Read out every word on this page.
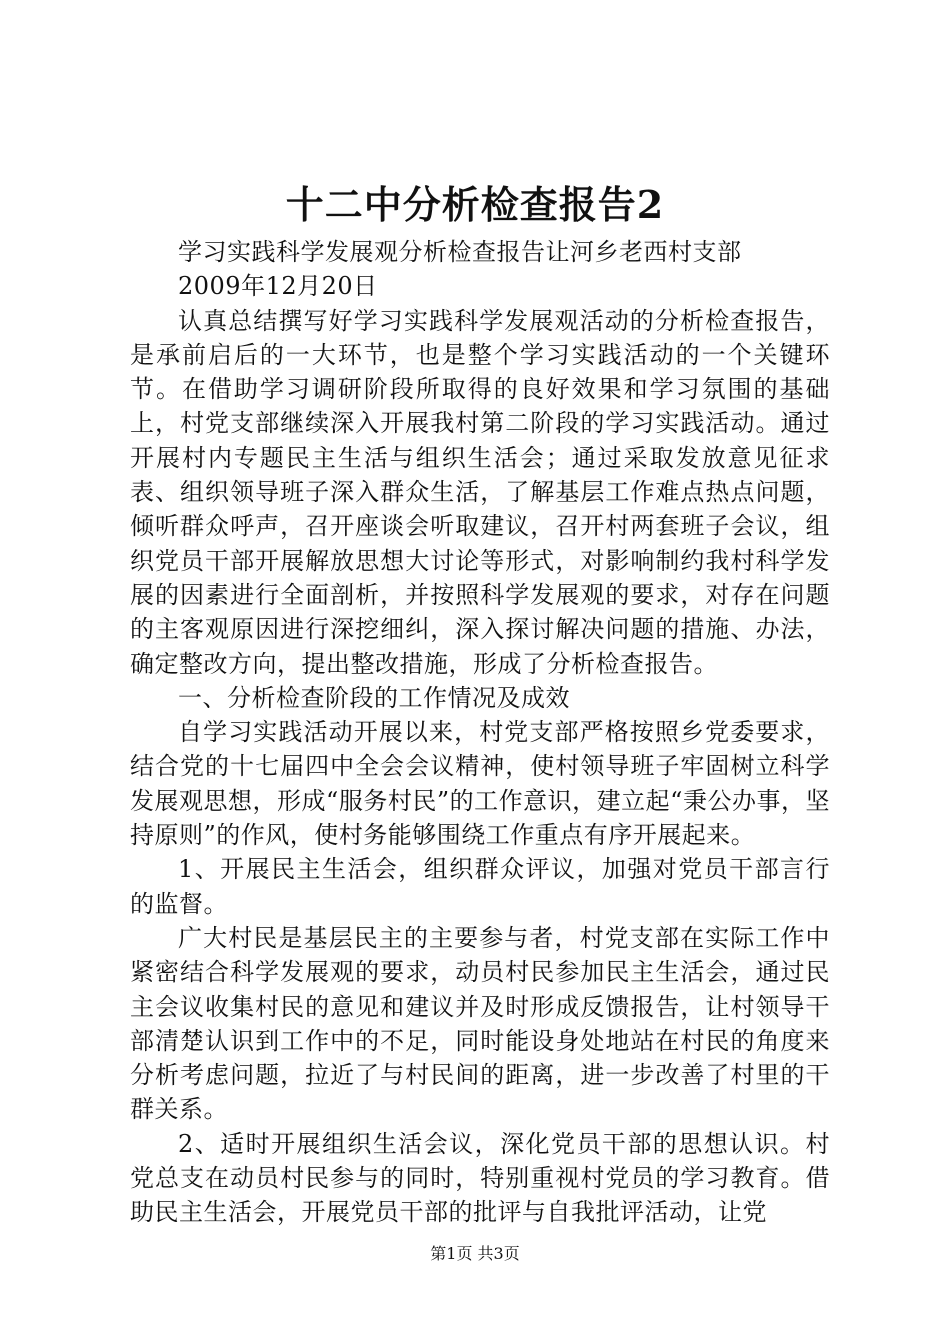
十二中分析检查报告2

学习实践科学发展观分析检查报告让河乡老西村支部

2009年12月20日

认真总结撰写好学习实践科学发展观活动的分析检查报告，是承前启后的一大环节，也是整个学习实践活动的一个关键环节。在借助学习调研阶段所取得的良好效果和学习氛围的基础上，村党支部继续深入开展我村第二阶段的学习实践活动。通过开展村内专题民主生活与组织生活会；通过采取发放意见征求表、组织领导班子深入群众生活，了解基层工作难点热点问题，倾听群众呼声，召开座谈会听取建议，召开村两套班子会议，组织党员干部开展解放思想大讨论等形式，对影响制约我村科学发展的因素进行全面剖析，并按照科学发展观的要求，对存在问题的主客观原因进行深挖细纠，深入探讨解决问题的措施、办法，确定整改方向，提出整改措施，形成了分析检查报告。

一、分析检查阶段的工作情况及成效

自学习实践活动开展以来，村党支部严格按照乡党委要求，结合党的十七届四中全会会议精神，使村领导班子牢固树立科学发展观思想，形成“服务村民”的工作意识，建立起“秉公办事，坚持原则”的作风，使村务能够围绕工作重点有序开展起来。

1、开展民主生活会，组织群众评议，加强对党员干部言行的监督。

广大村民是基层民主的主要参与者，村党支部在实际工作中紧密结合科学发展观的要求，动员村民参加民主生活会，通过民主会议收集村民的意见和建议并及时形成反馈报告，让村领导干部清楚认识到工作中的不足，同时能设身处地站在村民的角度来分析考虑问题，拉近了与村民间的距离，进一步改善了村里的干群关系。

2、适时开展组织生活会议，深化党员干部的思想认识。村党总支在动员村民参与的同时，特别重视村党员的学习教育。借助民主生活会，开展党员干部的批评与自我批评活动，让党

第1页 共3页
